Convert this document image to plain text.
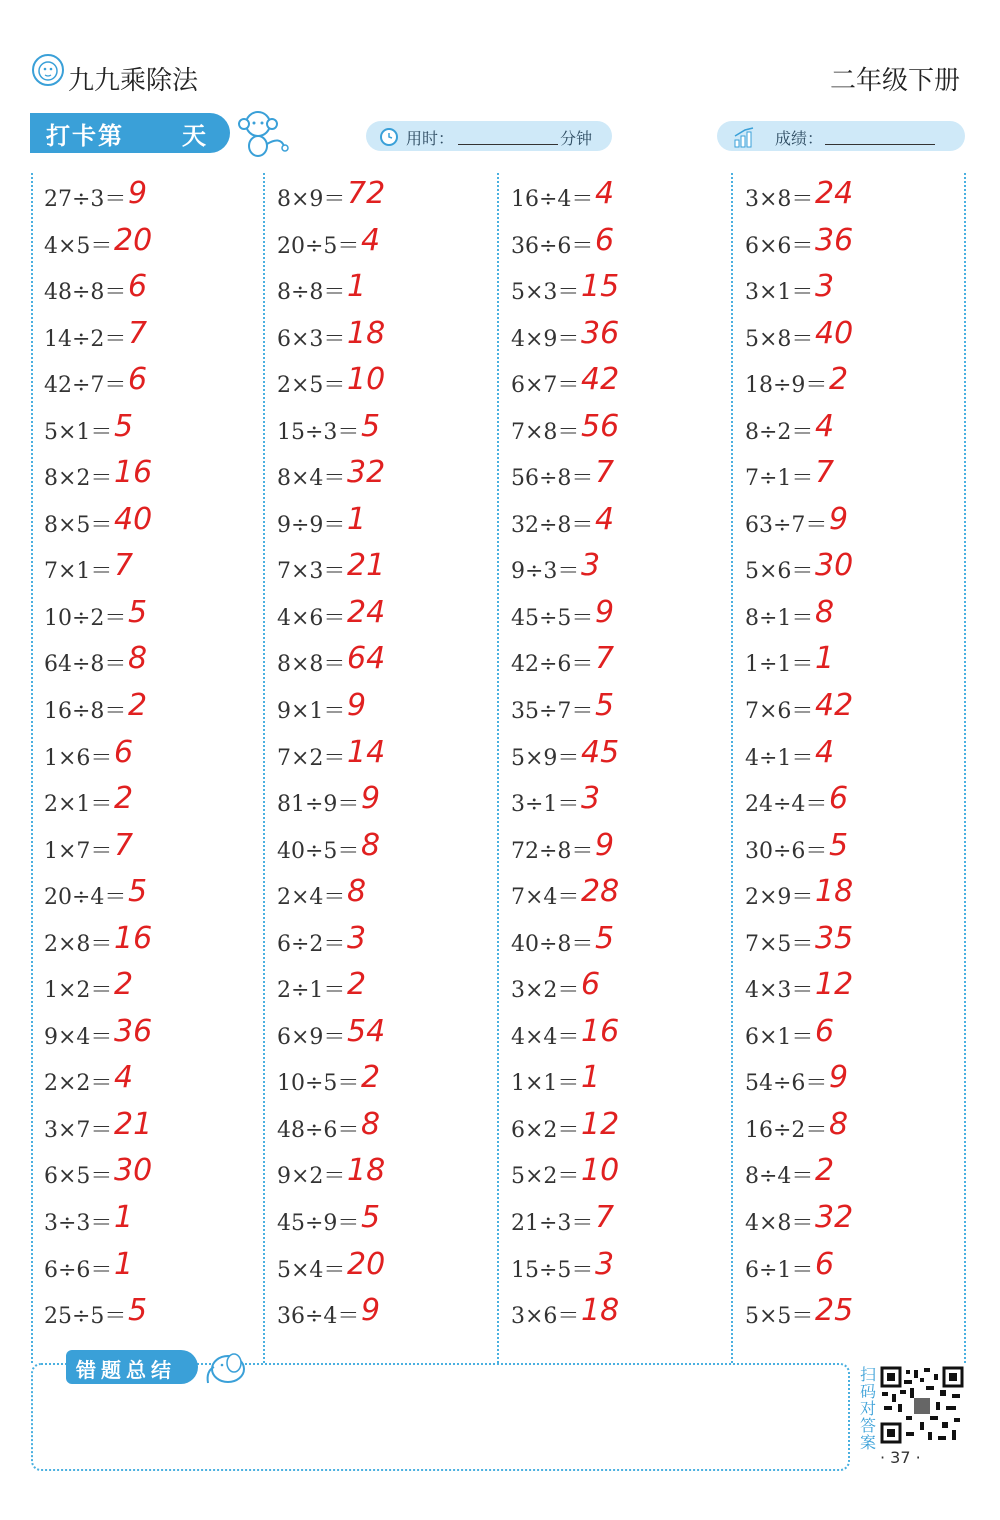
九九乘除法	二年级下册
打卡第 天	用时：	分钟	成绩：
27÷3＝ 9
4×5＝ 20
48÷8＝ 6
14÷2＝ 7
42÷7＝ 6
5×1＝ 5
8×2＝ 16
8×5＝ 40
7×1＝ 7
10÷2＝ 5
64÷8＝ 8
16÷8＝ 2
1×6＝ 6
2×1＝ 2
1×7＝ 7
20÷4＝ 5
2×8＝ 16
1×2＝ 2
9×4＝ 36
2×2＝ 4
3×7＝ 21
6×5＝ 30
3÷3＝ 1
6÷6＝ 1
25÷5＝ 5
8×9＝ 72
20÷5＝ 4
8÷8＝ 1
6×3＝ 18
2×5＝ 10
15÷3＝ 5
8×4＝ 32
9÷9＝ 1
7×3＝ 21
4×6＝ 24
8×8＝ 64
9×1＝ 9
7×2＝ 14
81÷9＝ 9
40÷5＝ 8
2×4＝ 8
6÷2＝ 3
2÷1＝ 2
6×9＝ 54
10÷5＝ 2
48÷6＝ 8
9×2＝ 18
45÷9＝ 5
5×4＝ 20
36÷4＝ 9
16÷4＝ 4
36÷6＝ 6
5×3＝ 15
4×9＝ 36
6×7＝ 42
7×8＝ 56
56÷8＝ 7
32÷8＝ 4
9÷3＝ 3
45÷5＝ 9
42÷6＝ 7
35÷7＝ 5
5×9＝ 45
3÷1＝ 3
72÷8＝ 9
7×4＝ 28
40÷8＝ 5
3×2＝ 6
4×4＝ 16
1×1＝ 1
6×2＝ 12
5×2＝ 10
21÷3＝ 7
15÷5＝ 3
3×6＝ 18
3×8＝ 24
6×6＝ 36
3×1＝ 3
5×8＝ 40
18÷9＝ 2
8÷2＝ 4
7÷1＝ 7
63÷7＝ 9
5×6＝ 30
8÷1＝ 8
1÷1＝ 1
7×6＝ 42
4÷1＝ 4
24÷4＝ 6
30÷6＝ 5
2×9＝ 18
7×5＝ 35
4×3＝ 12
6×1＝ 6
54÷6＝ 9
16÷2＝ 8
8÷4＝ 2
4×8＝ 32
6÷1＝ 6
5×5＝ 25
错题总结	扫
码
对
答
案
· 37 ·
